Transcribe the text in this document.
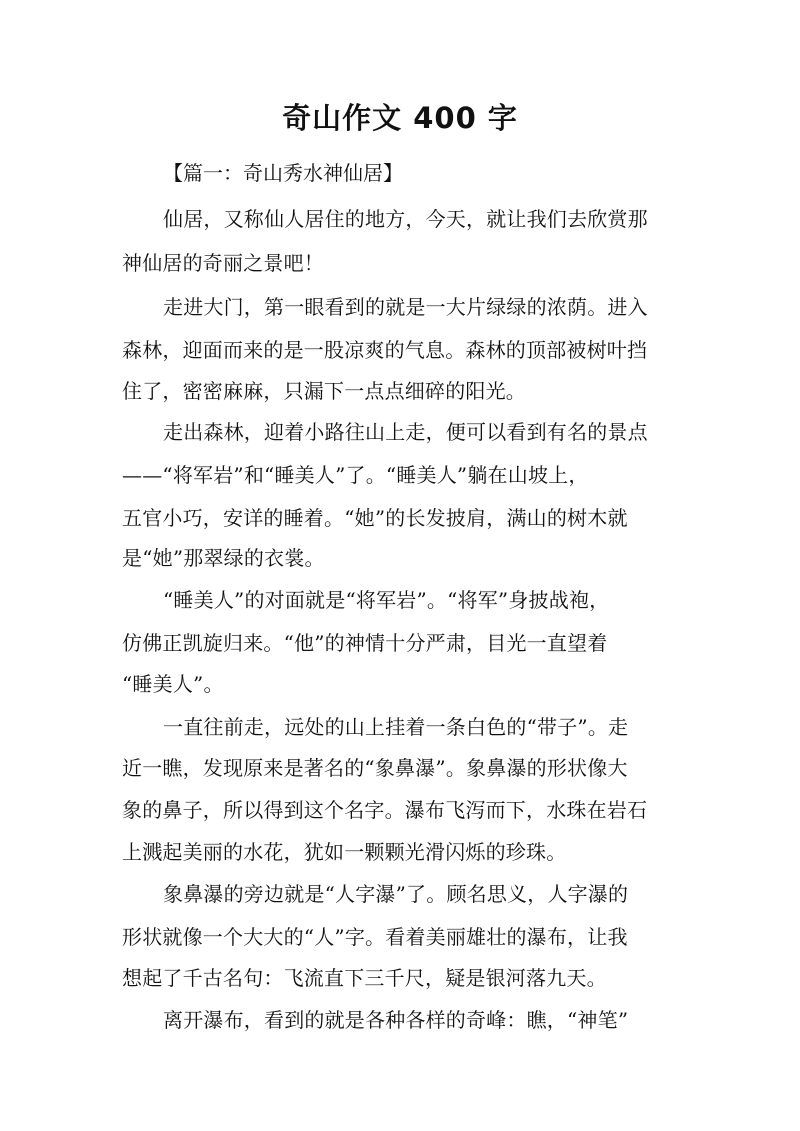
奇山作文 400 字
【篇一：奇山秀水神仙居】
仙居，又称仙人居住的地方，今天，就让我们去欣赏那
神仙居的奇丽之景吧！
走进大门，第一眼看到的就是一大片绿绿的浓荫。进入
森林，迎面而来的是一股凉爽的气息。森林的顶部被树叶挡
住了，密密麻麻，只漏下一点点细碎的阳光。
走出森林，迎着小路往山上走，便可以看到有名的景点
——“将军岩”和“睡美人”了。“睡美人”躺在山坡上，
五官小巧，安详的睡着。“她”的长发披肩，满山的树木就
是“她”那翠绿的衣裳。
“睡美人”的对面就是“将军岩”。“将军”身披战袍，
仿佛正凯旋归来。“他”的神情十分严肃，目光一直望着
“睡美人”。
一直往前走，远处的山上挂着一条白色的“带子”。走
近一瞧，发现原来是著名的“象鼻瀑”。象鼻瀑的形状像大
象的鼻子，所以得到这个名字。瀑布飞泻而下，水珠在岩石
上溅起美丽的水花，犹如一颗颗光滑闪烁的珍珠。
象鼻瀑的旁边就是“人字瀑”了。顾名思义，人字瀑的
形状就像一个大大的“人”字。看着美丽雄壮的瀑布，让我
想起了千古名句：飞流直下三千尺，疑是银河落九天。
离开瀑布，看到的就是各种各样的奇峰：瞧，“神笔”
